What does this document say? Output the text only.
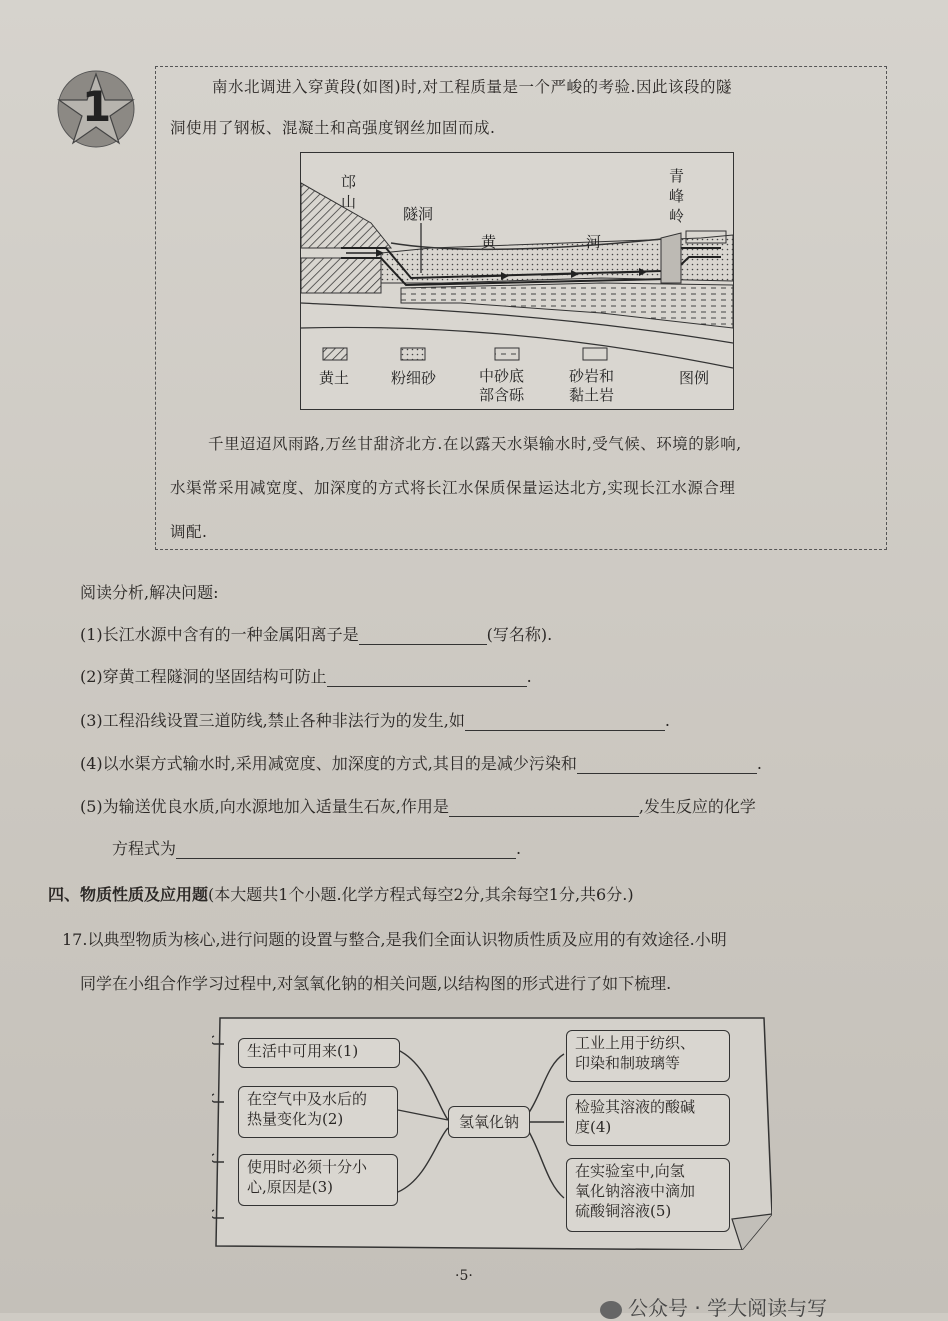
1	南水北调进入穿黄段(如图)时,对工程质量是一个严峻的考验.因此该段的隧
洞使用了钢板、混凝土和高强度钢丝加固而成.
邙
山
隧洞
黄	河
青
峰
岭
黄土	粉细砂	中砂底
部含砾
砂岩和
黏土岩
图例
千里迢迢风雨路,万丝甘甜济北方.在以露天水渠输水时,受气候、环境的影响,
水渠常采用减宽度、加深度的方式将长江水保质保量运达北方,实现长江水源合理
调配.
阅读分析,解决问题:
(1)长江水源中含有的一种金属阳离子是	(写名称).
(2)穿黄工程隧洞的坚固结构可防止	.
(3)工程沿线设置三道防线,禁止各种非法行为的发生,如	.
(4)以水渠方式输水时,采用减宽度、加深度的方式,其目的是减少污染和	.
(5)为输送优良水质,向水源地加入适量生石灰,作用是	,发生反应的化学
方程式为	.
四、物质性质及应用题(本大题共1个小题.化学方程式每空2分,其余每空1分,共6分.)
17.以典型物质为核心,进行问题的设置与整合,是我们全面认识物质性质及应用的有效途径.小明
同学在小组合作学习过程中,对氢氧化钠的相关问题,以结构图的形式进行了如下梳理.
生活中可用来(1)
在空气中及水后的
热量变化为(2)
使用时必须十分小
心,原因是(3)
氢氧化钠
工业上用于纺织、
印染和制玻璃等
检验其溶液的酸碱
度(4)
在实验室中,向氢
氧化钠溶液中滴加
硫酸铜溶液(5)
·5·
公众号 · 学大阅读与写
